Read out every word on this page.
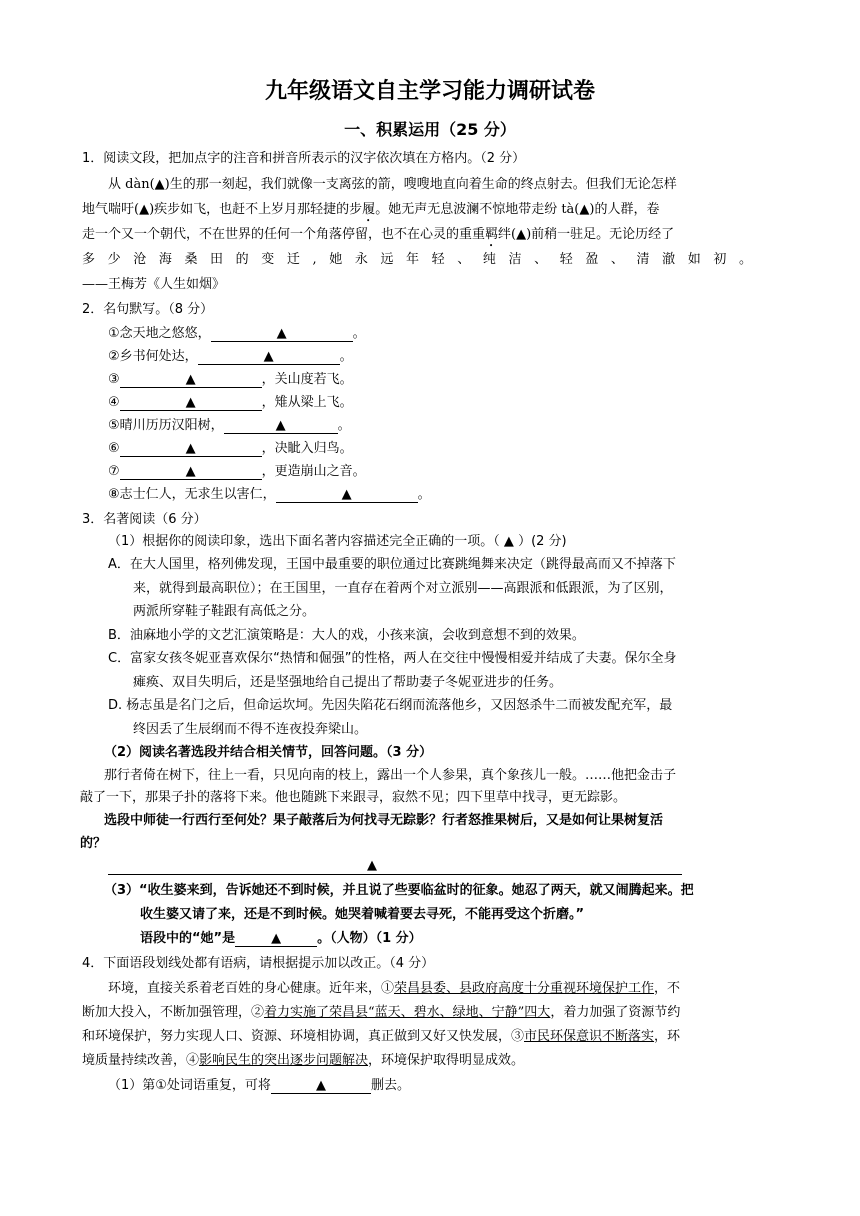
九年级语文自主学习能力调研试卷
一、积累运用（25 分）
1．阅读文段，把加点字的注音和拼音所表示的汉字依次填在方格内。（2 分）
从 dàn(▲)生的那一刻起，我们就像一支离弦的箭，嗖嗖地直向着生命的终点射去。但我们无论怎样
地气喘吁(▲)疾步如飞，也赶不上岁月那轻捷的步履。她无声无息波澜不惊地带走纷 tà(▲)的人群，卷
走一个又一个朝代，不在世界的任何一个角落停留，也不在心灵的重重羁绊(▲)前稍一驻足。无论历经了
多 少 沧 海 桑 田 的 变 迁 , 她 永 远 年 轻 、 纯 洁 、 轻 盈 、 清 澈 如 初 。
——王梅芳《人生如烟》
2．名句默写。（8 分）
①念天地之悠悠，	▲	。
②乡书何处达，	▲	。
③	▲	，关山度若飞。
④	▲	，雉从梁上飞。
⑤晴川历历汉阳树，	▲	。
⑥	▲	，决眦入归鸟。
⑦	▲	，更造崩山之音。
⑧志士仁人，无求生以害仁，	▲	。
3．名著阅读（6 分）
（1）根据你的阅读印象，选出下面名著内容描述完全正确的一项。（ ▲ ）(2 分)
A．在大人国里，格列佛发现，王国中最重要的职位通过比赛跳绳舞来决定（跳得最高而又不掉落下
来，就得到最高职位）；在王国里，一直存在着两个对立派别——高跟派和低跟派，为了区别，
两派所穿鞋子鞋跟有高低之分。
B．油麻地小学的文艺汇演策略是：大人的戏，小孩来演，会收到意想不到的效果。
C．富家女孩冬妮亚喜欢保尔“热情和倔强”的性格，两人在交往中慢慢相爱并结成了夫妻。保尔全身
瘫痪、双目失明后，还是坚强地给自己提出了帮助妻子冬妮亚进步的任务。
D. 杨志虽是名门之后，但命运坎坷。先因失陷花石纲而流落他乡，又因怒杀牛二而被发配充军，最
终因丢了生辰纲而不得不连夜投奔梁山。
（2）阅读名著选段并结合相关情节，回答问题。（3 分）
那行者倚在树下，往上一看，只见向南的枝上，露出一个人参果，真个象孩儿一般。……他把金击子
敲了一下，那果子扑的落将下来。他也随跳下来跟寻，寂然不见；四下里草中找寻，更无踪影。
选段中师徒一行西行至何处？果子敲落后为何找寻无踪影？行者怒推果树后，又是如何让果树复活
的？
▲
（3）“收生婆来到，告诉她还不到时候，并且说了些要临盆时的征象。她忍了两天，就又闹腾起来。把
收生婆又请了来，还是不到时候。她哭着喊着要去寻死，不能再受这个折磨。”
语段中的“她”是	▲	。（人物）（1 分）
4．下面语段划线处都有语病，请根据提示加以改正。（4 分）
环境，直接关系着老百姓的身心健康。近年来，①荣昌县委、县政府高度十分重视环境保护工作，不
断加大投入，不断加强管理，②着力实施了荣昌县“蓝天、碧水、绿地、宁静”四大，着力加强了资源节约
和环境保护，努力实现人口、资源、环境相协调，真正做到又好又快发展，③市民环保意识不断落实，环
境质量持续改善，④影响民生的突出逐步问题解决，环境保护取得明显成效。
（1）第①处词语重复，可将	▲	删去。
